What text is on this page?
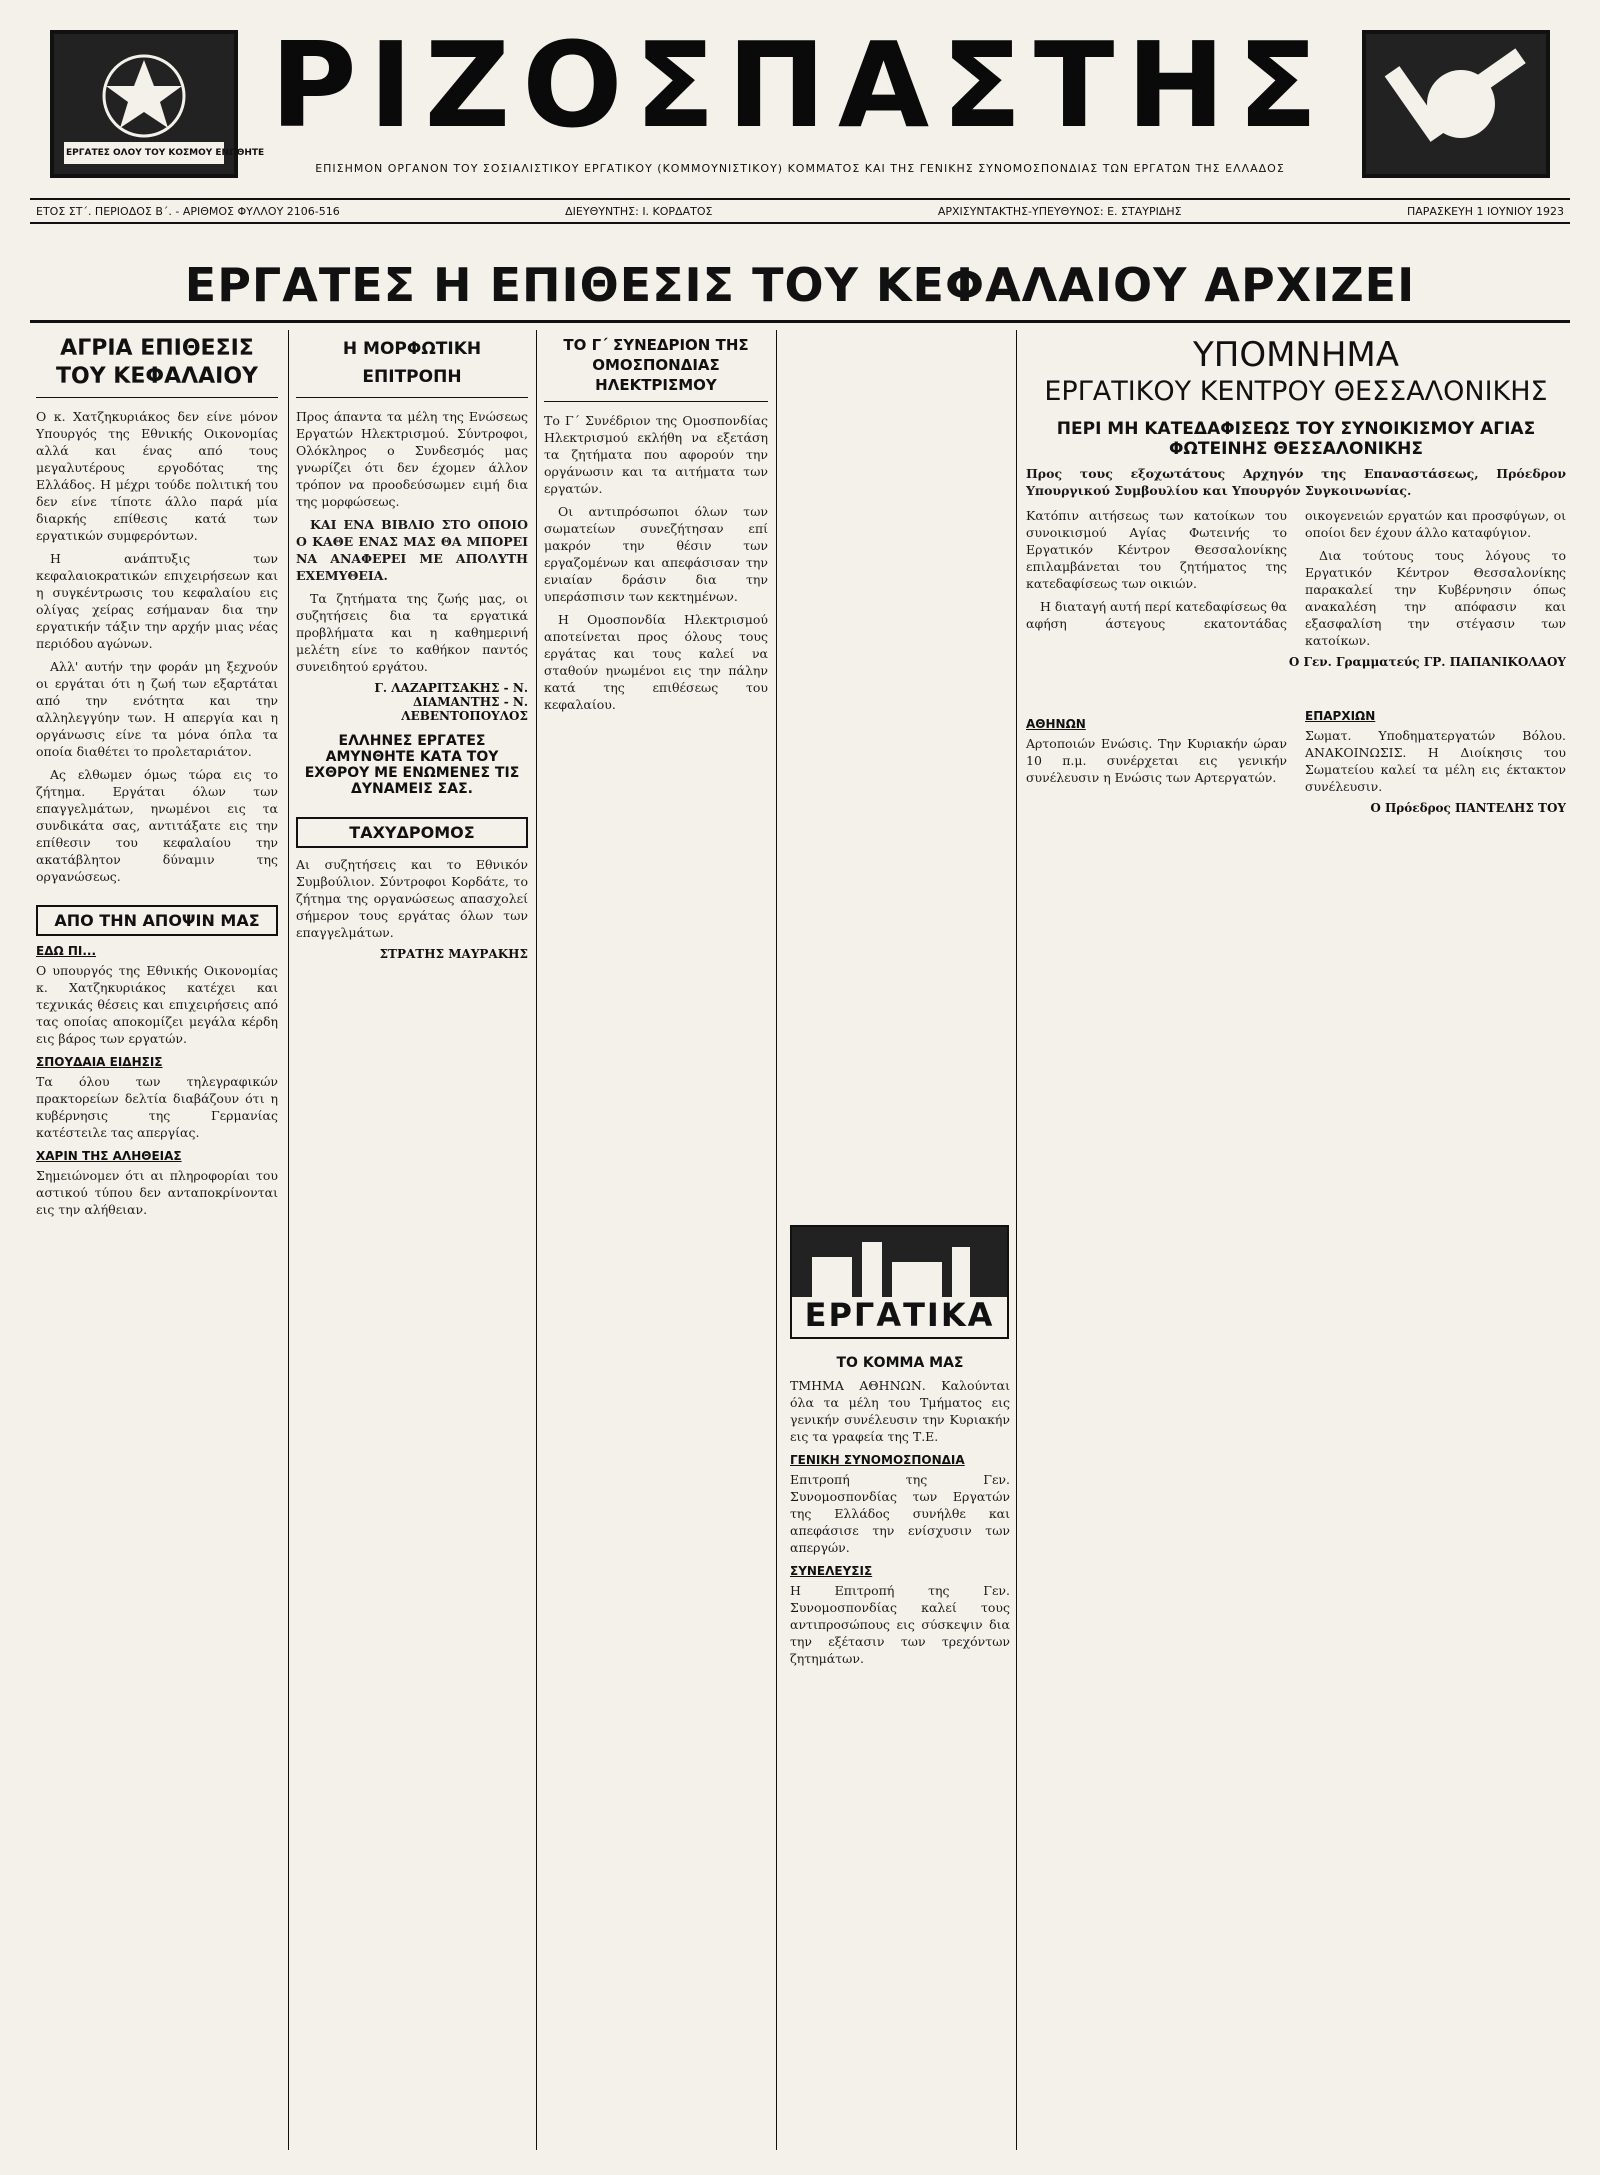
ΕΡΓΑΤΕΣ ΟΛΟΥ ΤΟΥ ΚΟΣΜΟΥ ΕΝΩΘΗΤΕ ΡΙΖΟΣΠΑΣΤΗΣ
ΕΠΙΣΗΜΟΝ ΟΡΓΑΝΟΝ ΤΟΥ ΣΟΣΙΑΛΙΣΤΙΚΟΥ ΕΡΓΑΤΙΚΟΥ (ΚΟΜΜΟΥΝΙΣΤΙΚΟΥ) ΚΟΜΜΑΤΟΣ ΚΑΙ ΤΗΣ ΓΕΝΙΚΗΣ ΣΥΝΟΜΟΣΠΟΝΔΙΑΣ ΤΩΝ ΕΡΓΑΤΩΝ ΤΗΣ ΕΛΛΑΔΟΣ
ΕΤΟΣ ΣΤ΄. ΠΕΡΙΟΔΟΣ Β΄. - ΑΡΙΘΜΟΣ ΦΥΛΛΟΥ 2106-516	ΔΙΕΥΘΥΝΤΗΣ: Ι. ΚΟΡΔΑΤΟΣ	ΑΡΧΙΣΥΝΤΑΚΤΗΣ-ΥΠΕΥΘΥΝΟΣ: Ε. ΣΤΑΥΡΙΔΗΣ	ΠΑΡΑΣΚΕΥΗ 1 ΙΟΥΝΙΟΥ 1923
ΕΡΓΑΤΕΣ Η ΕΠΙΘΕΣΙΣ ΤΟΥ ΚΕΦΑΛΑΙΟΥ ΑΡΧΙΖΕΙ
ΑΓΡΙΑ ΕΠΙΘΕΣΙΣ ΤΟΥ ΚΕΦΑΛΑΙΟΥ

Ο κ. Χατζηκυριάκος δεν είνε μόνον Υπουργός της Εθνικής Οικονομίας αλλά και ένας από τους μεγαλυτέρους εργοδότας της Ελλάδος. Η μέχρι τούδε πολιτική του δεν είνε τίποτε άλλο παρά μία διαρκής επίθεσις κατά των εργατικών συμφερόντων.

Η ανάπτυξις των κεφαλαιοκρατικών επιχειρήσεων και η συγκέντρωσις του κεφαλαίου εις ολίγας χείρας εσήμαναν δια την εργατικήν τάξιν την αρχήν μιας νέας περιόδου αγώνων.

Αλλ' αυτήν την φοράν μη ξεχνούν οι εργάται ότι η ζωή των εξαρτάται από την ενότητα και την αλληλεγγύην των. Η απεργία και η οργάνωσις είνε τα μόνα όπλα τα οποία διαθέτει το προλεταριάτον.

Ας ελθωμεν όμως τώρα εις το ζήτημα. Εργάται όλων των επαγγελμάτων, ηνωμένοι εις τα συνδικάτα σας, αντιτάξατε εις την επίθεσιν του κεφαλαίου την ακατάβλητον δύναμιν της οργανώσεως.

ΑΠΟ ΤΗΝ ΑΠΟΨΙΝ ΜΑΣ
ΕΔΩ ΠΙ...

Ο υπουργός της Εθνικής Οικονομίας κ. Χατζηκυριάκος κατέχει και τεχνικάς θέσεις και επιχειρήσεις από τας οποίας αποκομίζει μεγάλα κέρδη εις βάρος των εργατών.

ΣΠΟΥΔΑΙΑ ΕΙΔΗΣΙΣ

Τα όλου των τηλεγραφικών πρακτορείων δελτία διαβάζουν ότι η κυβέρνησις της Γερμανίας κατέστειλε τας απεργίας.

ΧΑΡΙΝ ΤΗΣ ΑΛΗΘΕΙΑΣ

Σημειώνομεν ότι αι πληροφορίαι του αστικού τύπου δεν ανταποκρίνονται εις την αλήθειαν.

Η ΜΟΡΦΩΤΙΚΗ ΕΠΙΤΡΟΠΗ

Προς άπαντα τα μέλη της Ενώσεως Εργατών Ηλεκτρισμού. Σύντροφοι, Ολόκληρος ο Συνδεσμός μας γνωρίζει ότι δεν έχομεν άλλον τρόπον να προοδεύσωμεν ειμή δια της μορφώσεως.

ΚΑΙ ΕΝΑ ΒΙΒΛΙΟ ΣΤΟ ΟΠΟΙΟ Ο ΚΑΘΕ ΕΝΑΣ ΜΑΣ ΘΑ ΜΠΟΡΕΙ ΝΑ ΑΝΑΦΕΡΕΙ ΜΕ ΑΠΟΛΥΤΗ ΕΧΕΜΥΘΕΙΑ.

Τα ζητήματα της ζωής μας, οι συζητήσεις δια τα εργατικά προβλήματα και η καθημερινή μελέτη είνε το καθήκον παντός συνειδητού εργάτου.

Γ. ΛΑΖΑΡΙΤΣΑΚΗΣ - Ν. ΔΙΑΜΑΝΤΗΣ - Ν. ΛΕΒΕΝΤΟΠΟΥΛΟΣ
ΕΛΛΗΝΕΣ ΕΡΓΑΤΕΣ ΑΜΥΝΘΗΤΕ ΚΑΤΑ ΤΟΥ ΕΧΘΡΟΥ ΜΕ ΕΝΩΜΕΝΕΣ ΤΙΣ ΔΥΝΑΜΕΙΣ ΣΑΣ.
ΤΑΧΥΔΡΟΜΟΣ

Αι συζητήσεις και το Εθνικόν Συμβούλιον. Σύντροφοι Κορδάτε, το ζήτημα της οργανώσεως απασχολεί σήμερον τους εργάτας όλων των επαγγελμάτων.

ΣΤΡΑΤΗΣ ΜΑΥΡΑΚΗΣ
ΤΟ Γ΄ ΣΥΝΕΔΡΙΟΝ ΤΗΣ ΟΜΟΣΠΟΝΔΙΑΣ ΗΛΕΚΤΡΙΣΜΟΥ

Το Γ΄ Συνέδριον της Ομοσπονδίας Ηλεκτρισμού εκλήθη να εξετάση τα ζητήματα που αφορούν την οργάνωσιν και τα αιτήματα των εργατών.

Οι αντιπρόσωποι όλων των σωματείων συνεζήτησαν επί μακρόν την θέσιν των εργαζομένων και απεφάσισαν την ενιαίαν δράσιν δια την υπεράσπισιν των κεκτημένων.

Η Ομοσπονδία Ηλεκτρισμού αποτείνεται προς όλους τους εργάτας και τους καλεί να σταθούν ηνωμένοι εις την πάλην κατά της επιθέσεως του κεφαλαίου.

ΕΡΓΑΤΙΚΑ
ΤΟ ΚΟΜΜΑ ΜΑΣ

ΤΜΗΜΑ ΑΘΗΝΩΝ. Καλούνται όλα τα μέλη του Τμήματος εις γενικήν συνέλευσιν την Κυριακήν εις τα γραφεία της Τ.Ε.

ΓΕΝΙΚΗ ΣΥΝΟΜΟΣΠΟΝΔΙΑ

Επιτροπή της Γεν. Συνομοσπονδίας των Εργατών της Ελλάδος συνήλθε και απεφάσισε την ενίσχυσιν των απεργών.

ΣΥΝΕΛΕΥΣΙΣ

Η Επιτροπή της Γεν. Συνομοσπονδίας καλεί τους αντιπροσώπους εις σύσκεψιν δια την εξέτασιν των τρεχόντων ζητημάτων.

ΥΠΟΜΝΗΜΑ
ΕΡΓΑΤΙΚΟΥ ΚΕΝΤΡΟΥ ΘΕΣΣΑΛΟΝΙΚΗΣ
ΠΕΡΙ ΜΗ ΚΑΤΕΔΑΦΙΣΕΩΣ ΤΟΥ ΣΥΝΟΙΚΙΣΜΟΥ ΑΓΙΑΣ ΦΩΤΕΙΝΗΣ ΘΕΣΣΑΛΟΝΙΚΗΣ

Προς τους εξοχωτάτους Αρχηγόν της Επαναστάσεως, Πρόεδρον Υπουργικού Συμβουλίου και Υπουργόν Συγκοινωνίας.

Κατόπιν αιτήσεως των κατοίκων του συνοικισμού Αγίας Φωτεινής το Εργατικόν Κέντρον Θεσσαλονίκης επιλαμβάνεται του ζητήματος της κατεδαφίσεως των οικιών.

Η διαταγή αυτή περί κατεδαφίσεως θα αφήση άστεγους εκατοντάδας οικογενειών εργατών και προσφύγων, οι οποίοι δεν έχουν άλλο καταφύγιον.

Δια τούτους τους λόγους το Εργατικόν Κέντρον Θεσσαλονίκης παρακαλεί την Κυβέρνησιν όπως ανακαλέση την απόφασιν και εξασφαλίση την στέγασιν των κατοίκων.

Ο Γεν. Γραμματεύς ΓΡ. ΠΑΠΑΝΙΚΟΛΑΟΥ
ΑΘΗΝΩΝ

Αρτοποιών Ενώσις. Την Κυριακήν ώραν 10 π.μ. συνέρχεται εις γενικήν συνέλευσιν η Ενώσις των Αρτεργατών.

ΕΠΑΡΧΙΩΝ

Σωματ. Υποδηματεργατών Βόλου. ΑΝΑΚΟΙΝΩΣΙΣ. Η Διοίκησις του Σωματείου καλεί τα μέλη εις έκτακτον συνέλευσιν.

Ο Πρόεδρος ΠΑΝΤΕΛΗΣ ΤΟΥ
